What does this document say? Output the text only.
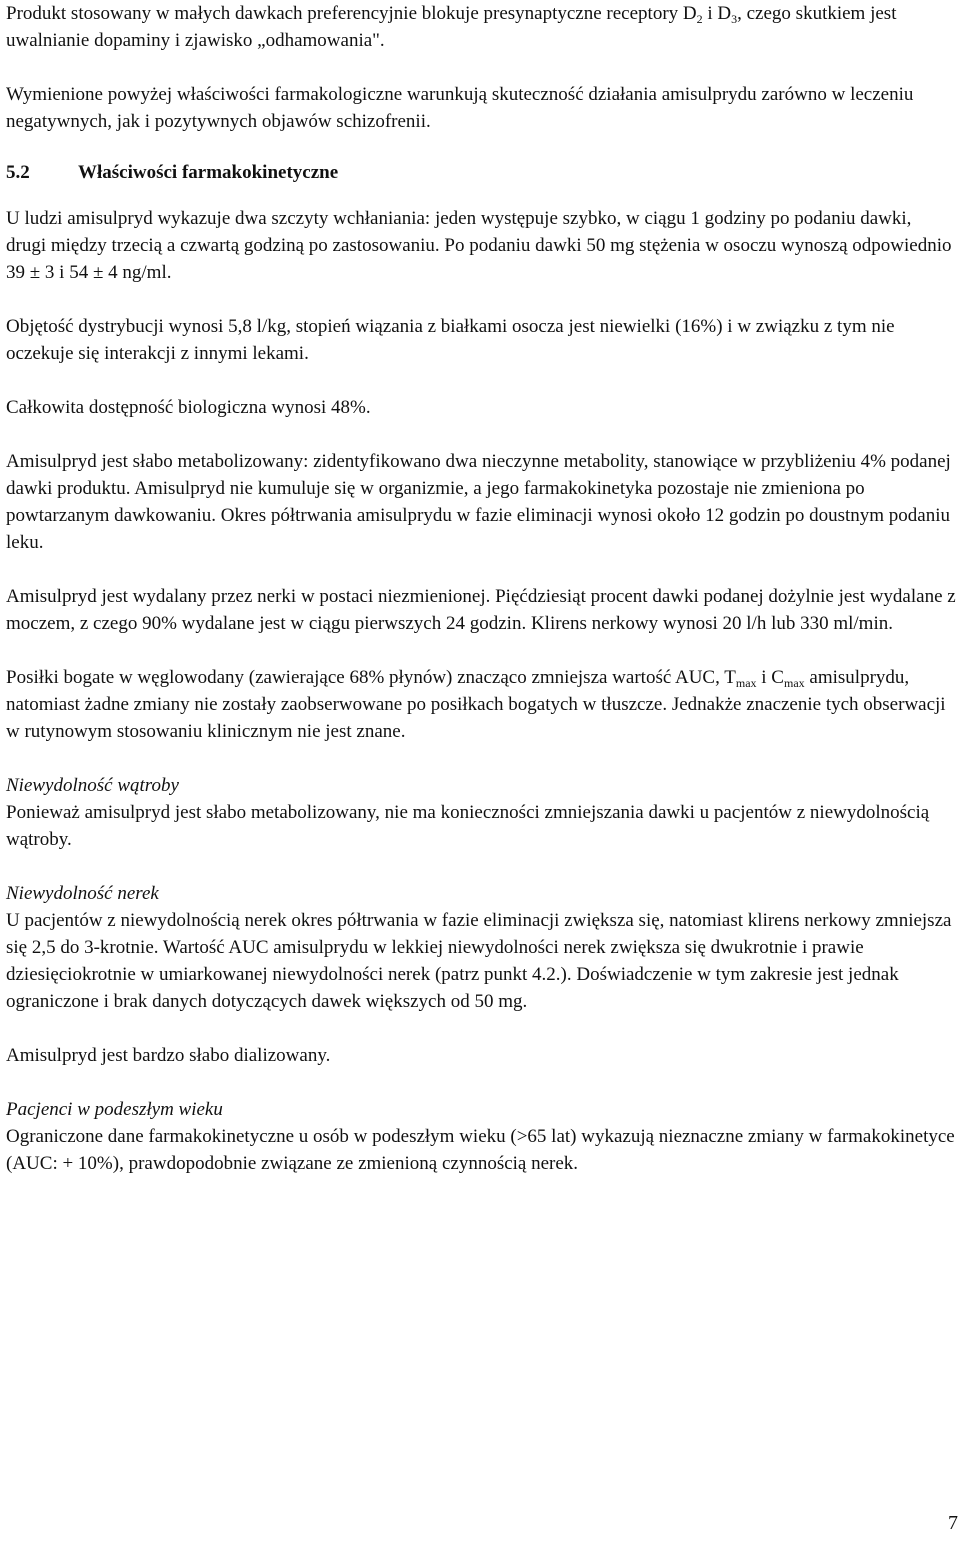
Produkt stosowany w małych dawkach preferencyjnie blokuje presynaptyczne receptory $D_2$ i $D_3$, czego skutkiem jest uwalnianie dopaminy i zjawisko „odhamowania".

Wymienione powyżej właściwości farmakologiczne warunkują skuteczność działania amisulprydu zarówno w leczeniu negatywnych, jak i pozytywnych objawów schizofrenii.

5.2	Właściwości farmakokinetyczne

U ludzi amisulpryd wykazuje dwa szczyty wchłaniania: jeden występuje szybko, w ciągu 1 godziny po podaniu dawki, drugi między trzecią a czwartą godziną po zastosowaniu. Po podaniu dawki 50 mg stężenia w osoczu wynoszą odpowiednio 39 ± 3 i 54 ± 4 ng/ml.

Objętość dystrybucji wynosi 5,8 l/kg, stopień wiązania z białkami osocza jest niewielki (16%) i w związku z tym nie oczekuje się interakcji z innymi lekami.

Całkowita dostępność biologiczna wynosi 48%.

Amisulpryd jest słabo metabolizowany: zidentyfikowano dwa nieczynne metabolity, stanowiące w przybliżeniu 4% podanej dawki produktu. Amisulpryd nie kumuluje się w organizmie, a jego farmakokinetyka pozostaje nie zmieniona po powtarzanym dawkowaniu. Okres półtrwania amisulprydu w fazie eliminacji wynosi około 12 godzin po doustnym podaniu leku.

Amisulpryd jest wydalany przez nerki w postaci niezmienionej. Pięćdziesiąt procent dawki podanej dożylnie jest wydalane z moczem, z czego 90% wydalane jest w ciągu pierwszych 24 godzin. Klirens nerkowy wynosi 20 l/h lub 330 ml/min.

Posiłki bogate w węglowodany (zawierające 68% płynów) znacząco zmniejsza wartość AUC, $T_{max}$ i $C_{max}$ amisulprydu, natomiast żadne zmiany nie zostały zaobserwowane po posiłkach bogatych w tłuszcze. Jednakże znaczenie tych obserwacji w rutynowym stosowaniu klinicznym nie jest znane.

Niewydolność wątroby

Ponieważ amisulpryd jest słabo metabolizowany, nie ma konieczności zmniejszania dawki u pacjentów z niewydolnością wątroby.

Niewydolność nerek

U pacjentów z niewydolnością nerek okres półtrwania w fazie eliminacji zwiększa się, natomiast klirens nerkowy zmniejsza się 2,5 do 3-krotnie. Wartość AUC amisulprydu w lekkiej niewydolności nerek zwiększa się dwukrotnie i prawie dziesięciokrotnie w umiarkowanej niewydolności nerek (patrz punkt 4.2.). Doświadczenie w tym zakresie jest jednak ograniczone i brak danych dotyczących dawek większych od 50 mg.

Amisulpryd jest bardzo słabo dializowany.

Pacjenci w podeszłym wieku

Ograniczone dane farmakokinetyczne u osób w podeszłym wieku (>65 lat) wykazują nieznaczne zmiany w farmakokinetyce (AUC: + 10%), prawdopodobnie związane ze zmienioną czynnością nerek.

7
